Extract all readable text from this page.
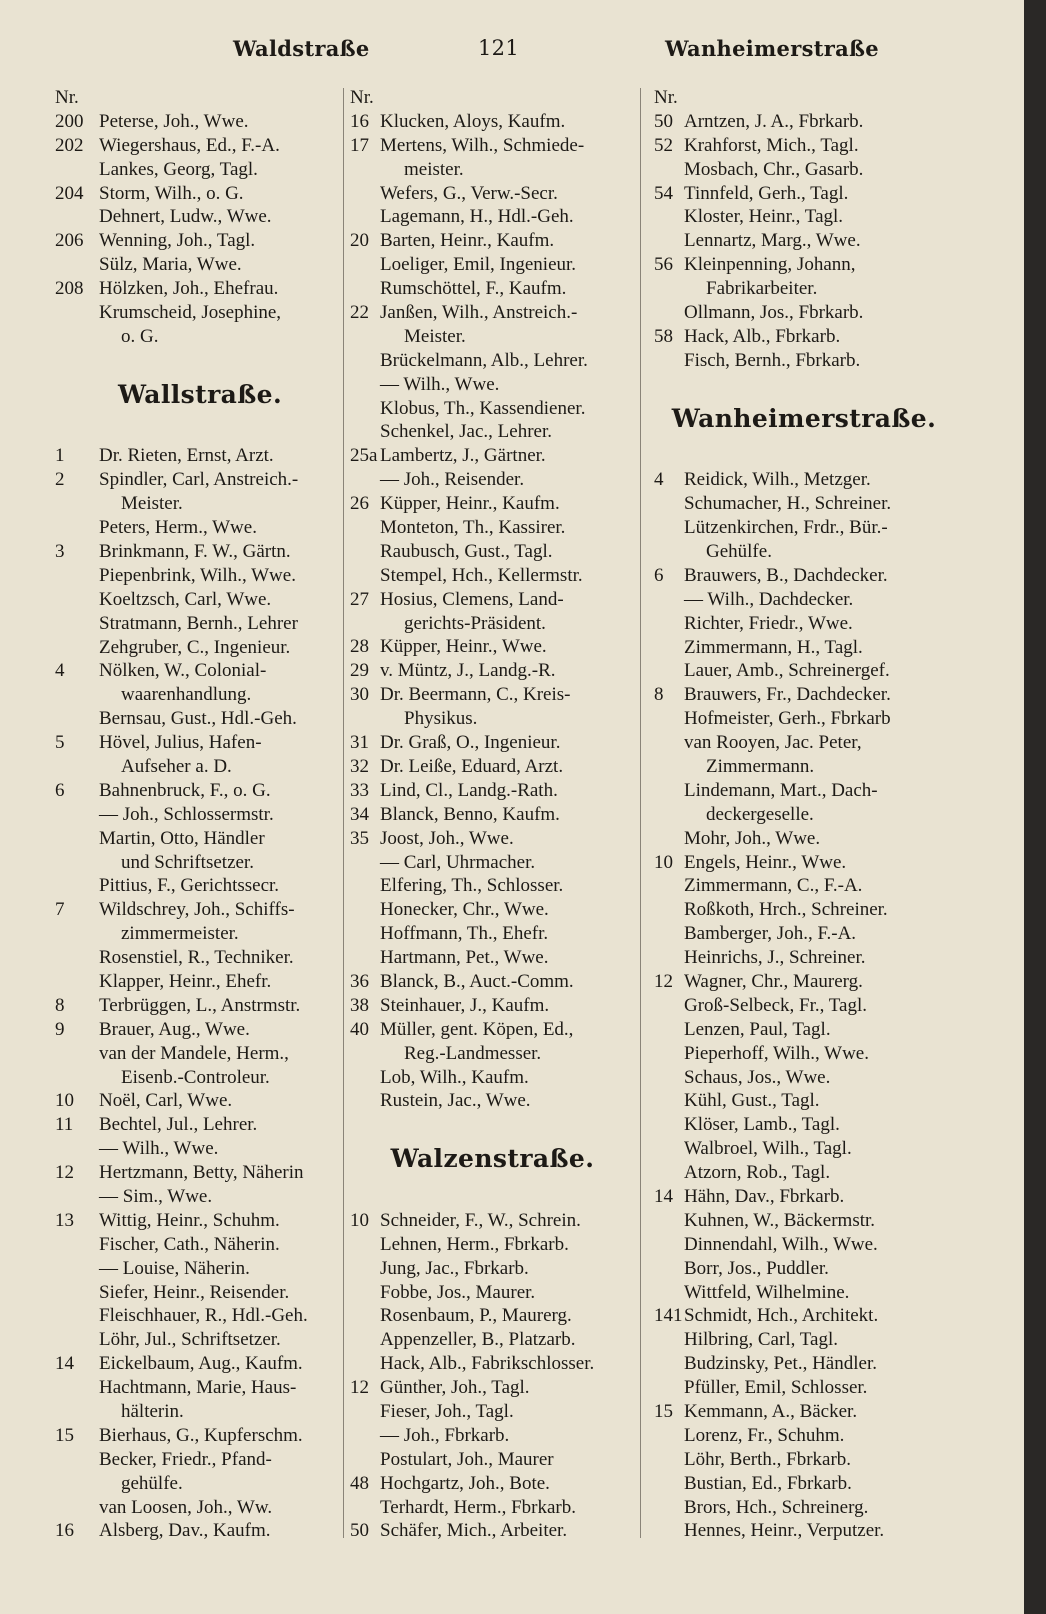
Waldstraße	121	Wanheimerstraße
Nr.
200 Peterse, Joh., Wwe.
202 Wiegershaus, Ed., F.-A.
Lankes, Georg, Tagl.
204 Storm, Wilh., o. G.
Dehnert, Ludw., Wwe.
206 Wenning, Joh., Tagl.
Sülz, Maria, Wwe.
208 Hölzken, Joh., Ehefrau.
Krumscheid, Josephine,
o. G.
Wallstraße.
1 Dr. Rieten, Ernst, Arzt.
2 Spindler, Carl, Anstreich.-
Meister.
Peters, Herm., Wwe.
3 Brinkmann, F. W., Gärtn.
Piepenbrink, Wilh., Wwe.
Koeltzsch, Carl, Wwe.
Stratmann, Bernh., Lehrer
Zehgruber, C., Ingenieur.
4 Nölken, W., Colonial-
waarenhandlung.
Bernsau, Gust., Hdl.-Geh.
5 Hövel, Julius, Hafen-
Aufseher a. D.
6 Bahnenbruck, F., o. G.
— Joh., Schlossermstr.
Martin, Otto, Händler
und Schriftsetzer.
Pittius, F., Gerichtssecr.
7 Wildschrey, Joh., Schiffs-
zimmermeister.
Rosenstiel, R., Techniker.
Klapper, Heinr., Ehefr.
8 Terbrüggen, L., Anstrmstr.
9 Brauer, Aug., Wwe.
van der Mandele, Herm.,
Eisenb.-Controleur.
10 Noël, Carl, Wwe.
11 Bechtel, Jul., Lehrer.
— Wilh., Wwe.
12 Hertzmann, Betty, Näherin
— Sim., Wwe.
13 Wittig, Heinr., Schuhm.
Fischer, Cath., Näherin.
— Louise, Näherin.
Siefer, Heinr., Reisender.
Fleischhauer, R., Hdl.-Geh.
Löhr, Jul., Schriftsetzer.
14 Eickelbaum, Aug., Kaufm.
Hachtmann, Marie, Haus-
hälterin.
15 Bierhaus, G., Kupferschm.
Becker, Friedr., Pfand-
gehülfe.
van Loosen, Joh., Ww.
16 Alsberg, Dav., Kaufm.
Nr.
16 Klucken, Aloys, Kaufm.
17 Mertens, Wilh., Schmiede-
meister.
Wefers, G., Verw.-Secr.
Lagemann, H., Hdl.-Geh.
20 Barten, Heinr., Kaufm.
Loeliger, Emil, Ingenieur.
Rumschöttel, F., Kaufm.
22 Janßen, Wilh., Anstreich.-
Meister.
Brückelmann, Alb., Lehrer.
— Wilh., Wwe.
Klobus, Th., Kassendiener.
Schenkel, Jac., Lehrer.
25a Lambertz, J., Gärtner.
— Joh., Reisender.
26 Küpper, Heinr., Kaufm.
Monteton, Th., Kassirer.
Raubusch, Gust., Tagl.
Stempel, Hch., Kellermstr.
27 Hosius, Clemens, Land-
gerichts-Präsident.
28 Küpper, Heinr., Wwe.
29 v. Müntz, J., Landg.-R.
30 Dr. Beermann, C., Kreis-
Physikus.
31 Dr. Graß, O., Ingenieur.
32 Dr. Leiße, Eduard, Arzt.
33 Lind, Cl., Landg.-Rath.
34 Blanck, Benno, Kaufm.
35 Joost, Joh., Wwe.
— Carl, Uhrmacher.
Elfering, Th., Schlosser.
Honecker, Chr., Wwe.
Hoffmann, Th., Ehefr.
Hartmann, Pet., Wwe.
36 Blanck, B., Auct.-Comm.
38 Steinhauer, J., Kaufm.
40 Müller, gent. Köpen, Ed.,
Reg.-Landmesser.
Lob, Wilh., Kaufm.
Rustein, Jac., Wwe.
Walzenstraße.
10 Schneider, F., W., Schrein.
Lehnen, Herm., Fbrkarb.
Jung, Jac., Fbrkarb.
Fobbe, Jos., Maurer.
Rosenbaum, P., Maurerg.
Appenzeller, B., Platzarb.
Hack, Alb., Fabrikschlosser.
12 Günther, Joh., Tagl.
Fieser, Joh., Tagl.
— Joh., Fbrkarb.
Postulart, Joh., Maurer
48 Hochgartz, Joh., Bote.
Terhardt, Herm., Fbrkarb.
50 Schäfer, Mich., Arbeiter.
Nr.
50 Arntzen, J. A., Fbrkarb.
52 Krahforst, Mich., Tagl.
Mosbach, Chr., Gasarb.
54 Tinnfeld, Gerh., Tagl.
Kloster, Heinr., Tagl.
Lennartz, Marg., Wwe.
56 Kleinpenning, Johann,
Fabrikarbeiter.
Ollmann, Jos., Fbrkarb.
58 Hack, Alb., Fbrkarb.
Fisch, Bernh., Fbrkarb.
Wanheimerstraße.
4 Reidick, Wilh., Metzger.
Schumacher, H., Schreiner.
Lützenkirchen, Frdr., Bür.-
Gehülfe.
6 Brauwers, B., Dachdecker.
— Wilh., Dachdecker.
Richter, Friedr., Wwe.
Zimmermann, H., Tagl.
Lauer, Amb., Schreinergef.
8 Brauwers, Fr., Dachdecker.
Hofmeister, Gerh., Fbrkarb
van Rooyen, Jac. Peter,
Zimmermann.
Lindemann, Mart., Dach-
deckergeselle.
Mohr, Joh., Wwe.
10 Engels, Heinr., Wwe.
Zimmermann, C., F.-A.
Roßkoth, Hrch., Schreiner.
Bamberger, Joh., F.-A.
Heinrichs, J., Schreiner.
12 Wagner, Chr., Maurerg.
Groß-Selbeck, Fr., Tagl.
Lenzen, Paul, Tagl.
Pieperhoff, Wilh., Wwe.
Schaus, Jos., Wwe.
Kühl, Gust., Tagl.
Klöser, Lamb., Tagl.
Walbroel, Wilh., Tagl.
Atzorn, Rob., Tagl.
14 Hähn, Dav., Fbrkarb.
Kuhnen, W., Bäckermstr.
Dinnendahl, Wilh., Wwe.
Borr, Jos., Puddler.
Wittfeld, Wilhelmine.
141 Schmidt, Hch., Architekt.
Hilbring, Carl, Tagl.
Budzinsky, Pet., Händler.
Pfüller, Emil, Schlosser.
15 Kemmann, A., Bäcker.
Lorenz, Fr., Schuhm.
Löhr, Berth., Fbrkarb.
Bustian, Ed., Fbrkarb.
Brors, Hch., Schreinerg.
Hennes, Heinr., Verputzer.
